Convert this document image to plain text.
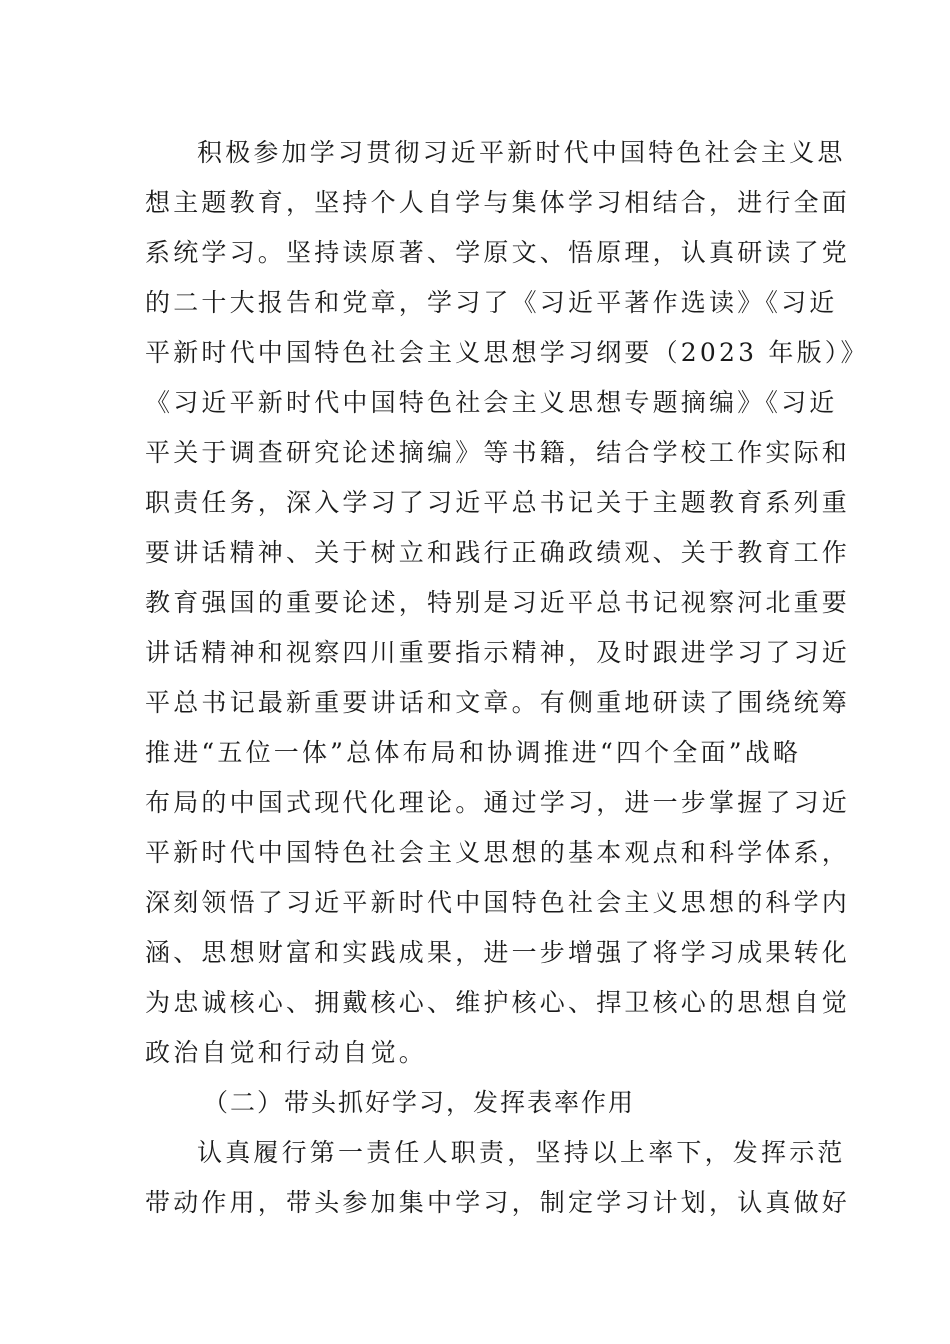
积极参加学习贯彻习近平新时代中国特色社会主义思
想主题教育，坚持个人自学与集体学习相结合，进行全面
系统学习。坚持读原著、学原文、悟原理，认真研读了党
的二十大报告和党章，学习了《习近平著作选读》《习近
平新时代中国特色社会主义思想学习纲要（2023 年版）》
《习近平新时代中国特色社会主义思想专题摘编》《习近
平关于调查研究论述摘编》等书籍，结合学校工作实际和
职责任务，深入学习了习近平总书记关于主题教育系列重
要讲话精神、关于树立和践行正确政绩观、关于教育工作
教育强国的重要论述，特别是习近平总书记视察河北重要
讲话精神和视察四川重要指示精神，及时跟进学习了习近
平总书记最新重要讲话和文章。有侧重地研读了围绕统筹
推进“五位一体”总体布局和协调推进“四个全面”战略
布局的中国式现代化理论。通过学习，进一步掌握了习近
平新时代中国特色社会主义思想的基本观点和科学体系，
深刻领悟了习近平新时代中国特色社会主义思想的科学内
涵、思想财富和实践成果，进一步增强了将学习成果转化
为忠诚核心、拥戴核心、维护核心、捍卫核心的思想自觉
政治自觉和行动自觉。
（二）带头抓好学习，发挥表率作用
认真履行第一责任人职责，坚持以上率下，发挥示范
带动作用，带头参加集中学习，制定学习计划，认真做好
